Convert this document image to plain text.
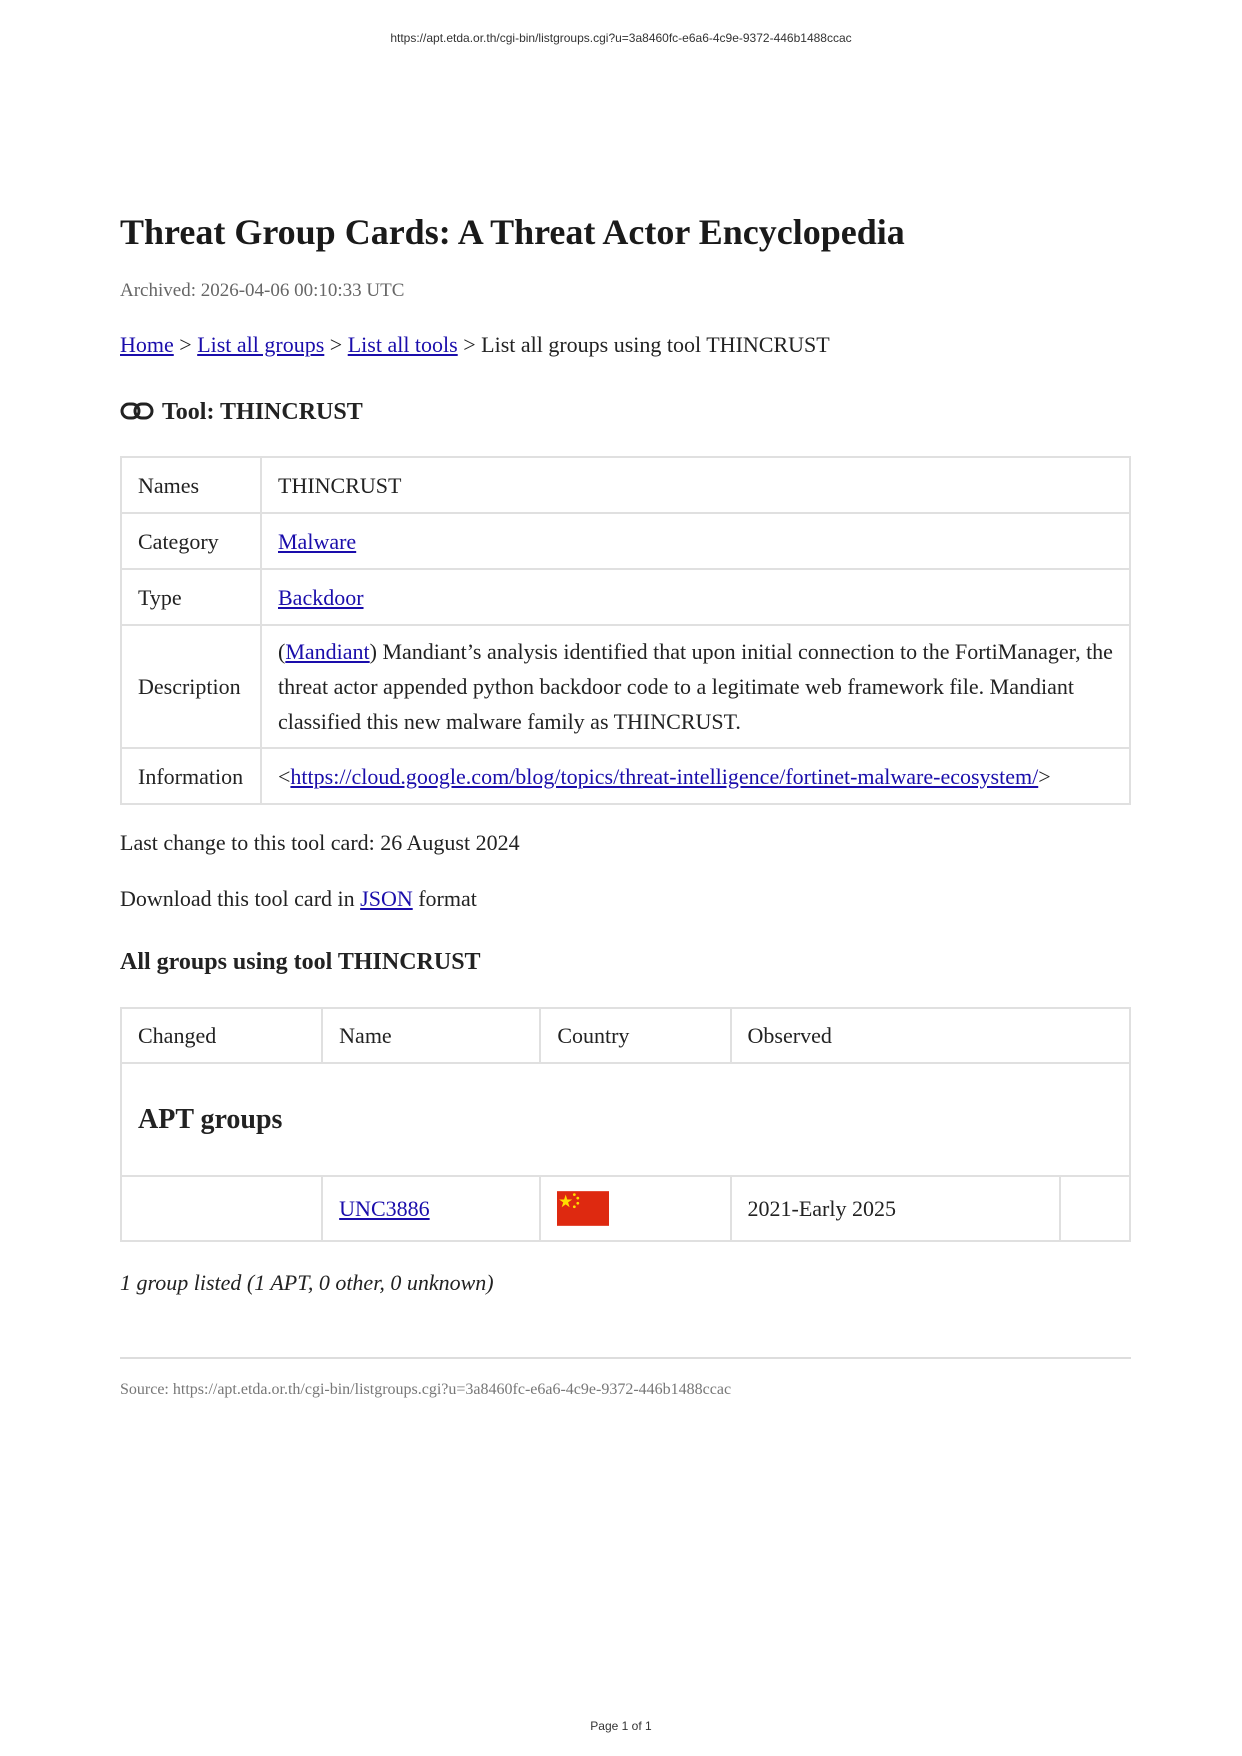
https://apt.etda.or.th/cgi-bin/listgroups.cgi?u=3a8460fc-e6a6-4c9e-9372-446b1488ccac
Threat Group Cards: A Threat Actor Encyclopedia
Archived: 2026-04-06 00:10:33 UTC
Home > List all groups > List all tools > List all groups using tool THINCRUST
Tool: THINCRUST
Names	THINCRUST
Category	Malware
Type	Backdoor
Description	(Mandiant) Mandiant’s analysis identified that upon initial connection to the FortiManager, the threat actor appended python backdoor code to a legitimate web framework file. Mandiant classified this new malware family as THINCRUST.
Information	<https://cloud.google.com/blog/topics/threat-intelligence/fortinet-malware-ecosystem/>
Last change to this tool card: 26 August 2024
Download this tool card in JSON format
All groups using tool THINCRUST
Changed	Name	Country	Observed	
APT groups				
	UNC3886		2021-Early 2025	
1 group listed (1 APT, 0 other, 0 unknown)
Source: https://apt.etda.or.th/cgi-bin/listgroups.cgi?u=3a8460fc-e6a6-4c9e-9372-446b1488ccac
Page 1 of 1
